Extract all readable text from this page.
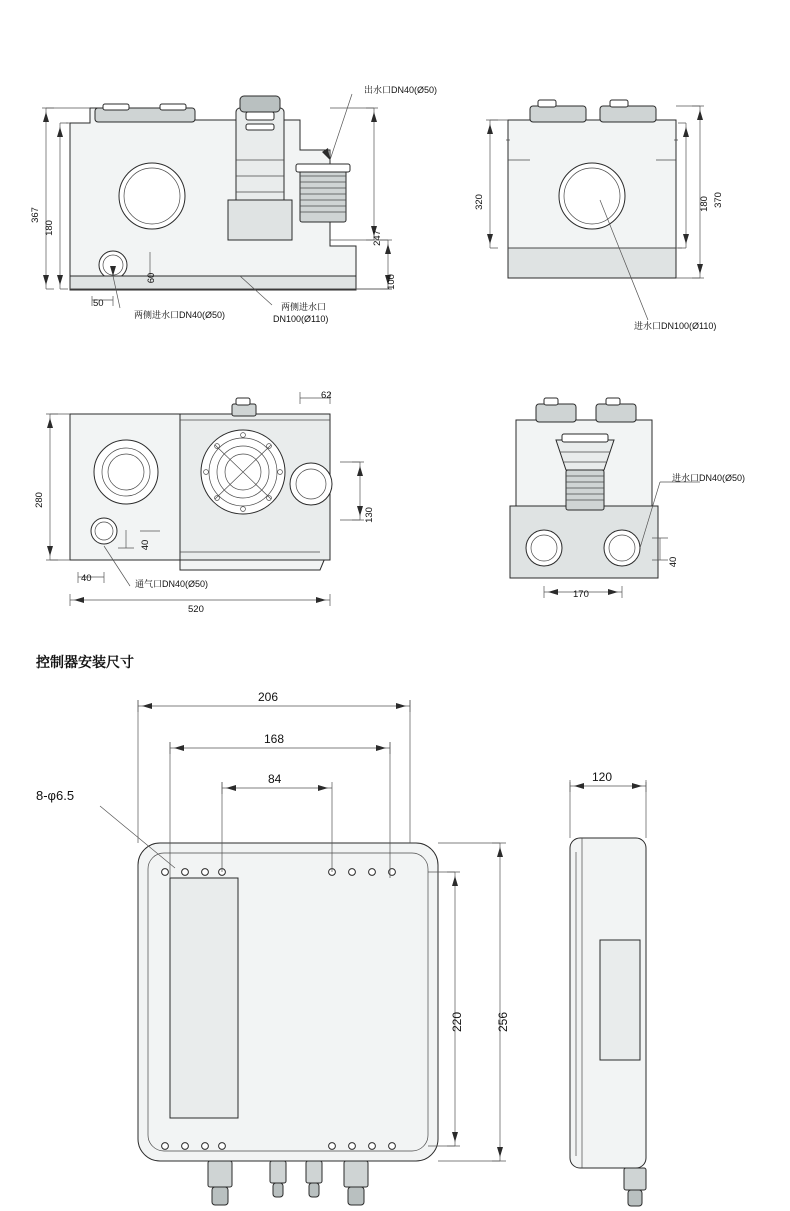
367
180
50
60
247
100
出水口DN40(Ø50)
两侧进水口DN40(Ø50)
两侧进水口
DN100(Ø110)
320	370
180
进水口DN100(Ø110)
280
62
130
40
40
520
通气口DN40(Ø50)
170
40
进水口DN40(Ø50)
控制器安装尺寸
206
168
84
220	256
8-φ6.5
120
